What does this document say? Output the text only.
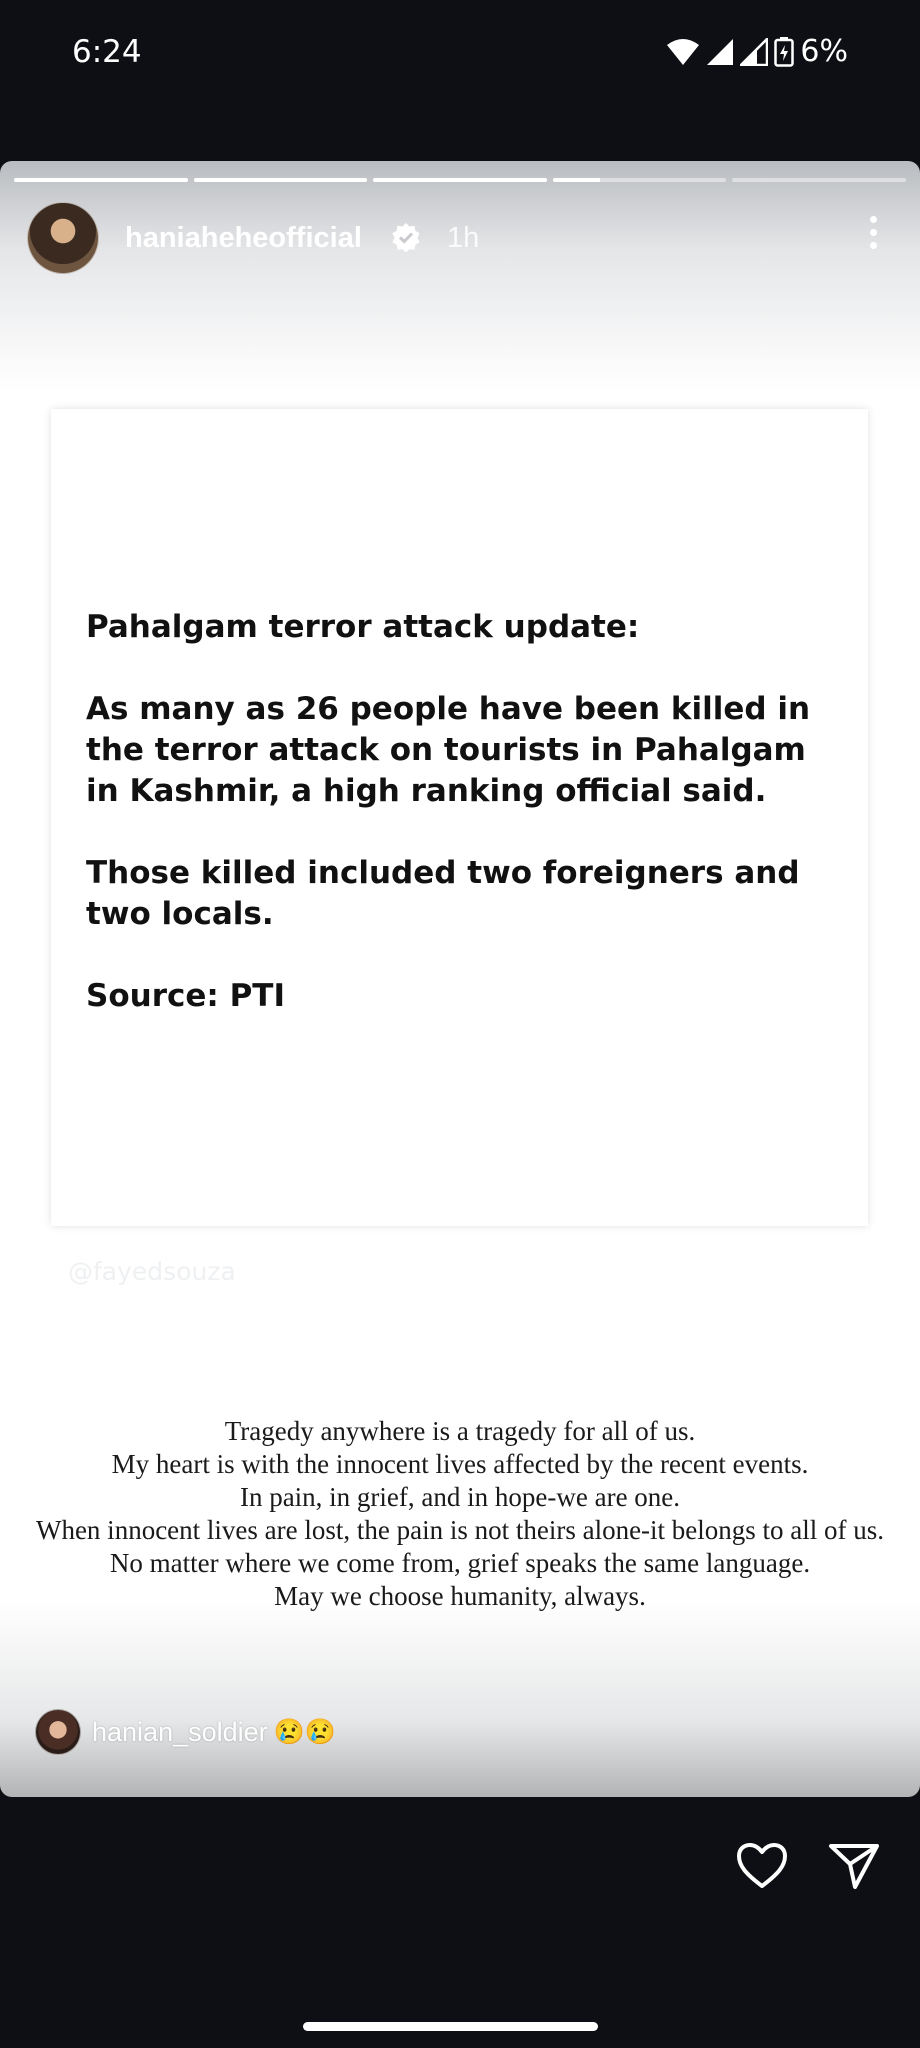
6:24	6%
haniaheheofficial	1h

Pahalgam terror attack update:

As many as 26 people have been killed in the terror attack on tourists in Pahalgam in Kashmir, a high ranking official said.

Those killed included two foreigners and two locals.

Source: PTI

@fayedsouza
Tragedy anywhere is a tragedy for all of us.
My heart is with the innocent lives affected by the recent events.
In pain, in grief, and in hope-we are one.
When innocent lives are lost, the pain is not theirs alone-it belongs to all of us.
No matter where we come from, grief speaks the same language.
May we choose humanity, always.
hanian_soldier 😢😢
